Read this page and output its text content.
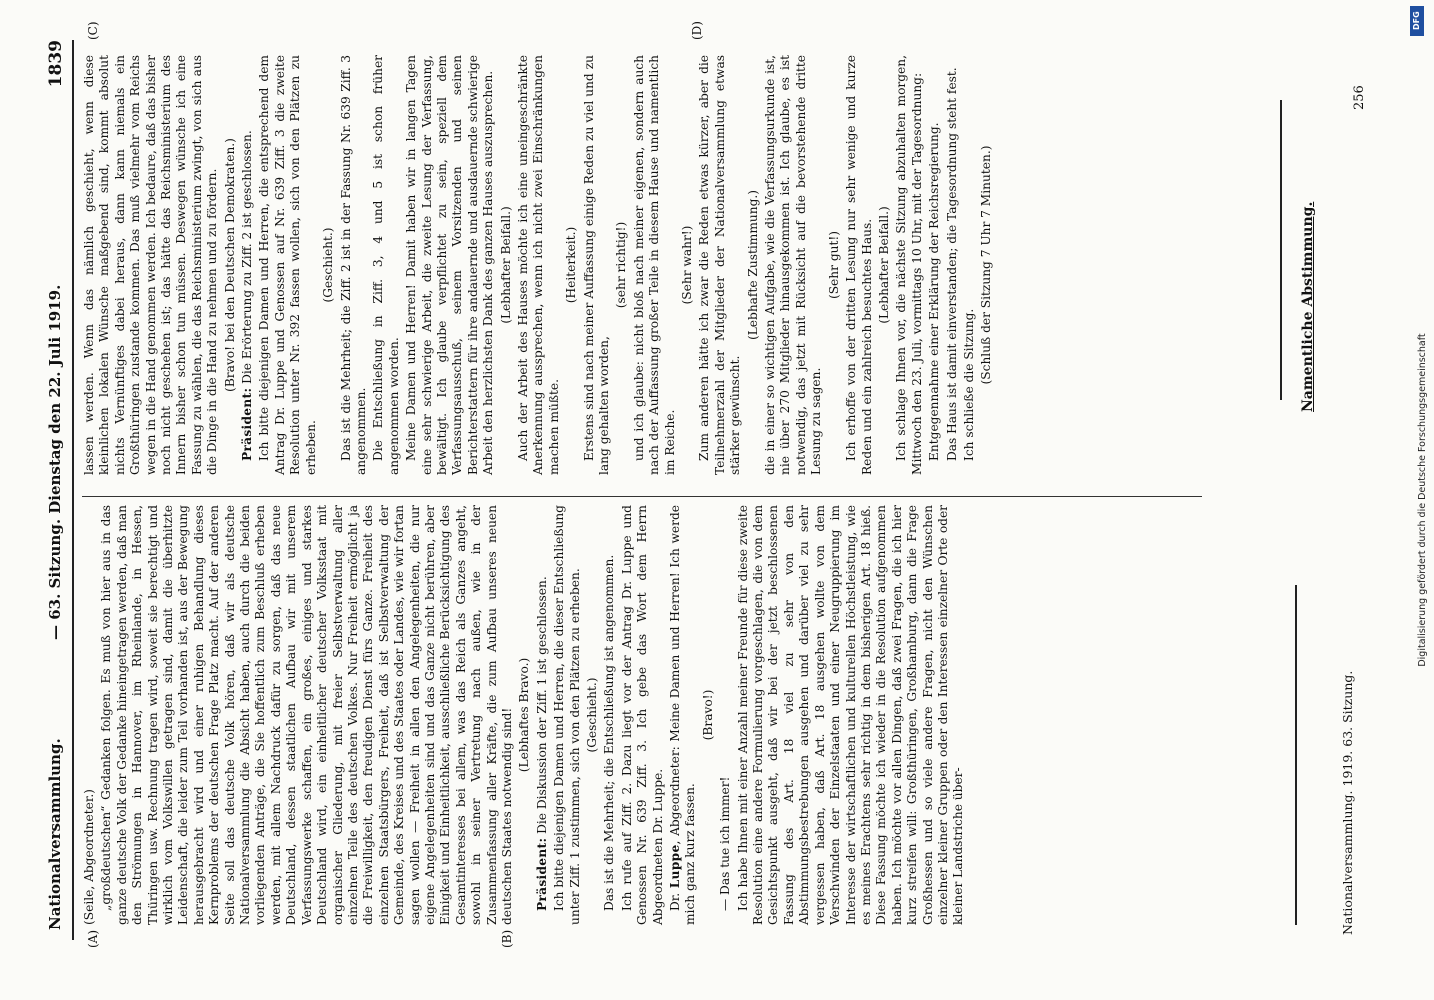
Nationalversammlung.
— 63. Sitzung. Dienstag den 22. Juli 1919.
1839
(A)	(B)
(C)	(D)

(Seile, Abgeordneter.) „großdeutschen“ Gedanken folgen. Es muß von hier aus in das ganze deutsche Volk der Gedanke hineingetragen werden, daß man den Strömungen in Hannover, im Rheinlande, in Hessen, Thüringen usw. Rechnung tragen wird, soweit sie berechtigt und wirklich vom Volkswillen getragen sind, damit die überhitzte Leidenschaft, die leider zum Teil vorhanden ist, aus der Bewegung herausgebracht wird und einer ruhigen Behandlung dieses Kernproblems der deutschen Frage Platz macht. Auf der anderen Seite soll das deutsche Volk hören, daß wir als deutsche Nationalversammlung die Absicht haben, auch durch die beiden vorliegenden Anträge, die Sie hoffentlich zum Beschluß erheben werden, mit allem Nachdruck dafür zu sorgen, daß das neue Deutschland, dessen staatlichen Aufbau wir mit unserem Verfassungswerke schaffen, ein großes, einiges und starkes Deutschland wird, ein einheitlicher deutscher Volksstaat mit organischer Gliederung, mit freier Selbstverwaltung aller einzelnen Teile des deutschen Volkes. Nur Freiheit ermöglicht ja die Freiwilligkeit, den freudigen Dienst fürs Ganze. Freiheit des einzelnen Staatsbürgers, Freiheit, daß ist Selbstverwaltung der Gemeinde, des Kreises und des Staates oder Landes, wie wir fortan sagen wollen — Freiheit in allen den Angelegenheiten, die nur eigene Angelegenheiten sind und das Ganze nicht berühren, aber Einigkeit und Einheitlichkeit, ausschließliche Berücksichtigung des Gesamtinteresses bei allem, was das Reich als Ganzes angeht, sowohl in seiner Vertretung nach außen, wie in der Zusammenfassung aller Kräfte, die zum Aufbau unseres neuen deutschen Staates notwendig sind! (Lebhaftes Bravo.)

Präsident: Die Diskussion der Ziff. 1 ist geschlossen. Ich bitte diejenigen Damen und Herren, die dieser Entschließung unter Ziff. 1 zustimmen, sich von den Plätzen zu erheben. (Geschieht.) Das ist die Mehrheit; die Entschließung ist angenommen. Ich rufe auf Ziff. 2. Dazu liegt vor der Antrag Dr. Luppe und Genossen Nr. 639 Ziff. 3. Ich gebe das Wort dem Herrn Abgeordneten Dr. Luppe. Dr. Luppe, Abgeordneter: Meine Damen und Herren! Ich werde mich ganz kurz fassen.

(Bravo!)

— Das tue ich immer! Ich habe Ihnen mit einer Anzahl meiner Freunde für diese zweite Resolution eine andere Formulierung vorgeschlagen, die von dem Gesichtspunkt ausgeht, daß wir bei der jetzt beschlossenen Fassung des Art. 18 viel zu sehr von den Abstimmungsbestrebungen ausgehen und darüber viel zu sehr vergessen haben, daß Art. 18 ausgehen wollte von dem Verschwinden der Einzelstaaten und einer Neugruppierung im Interesse der wirtschaftlichen und kulturellen Höchstleistung, wie es meines Erachtens sehr richtig in dem bisherigen Art. 18 hieß. Diese Fassung möchte ich wieder in die Resolution aufgenommen haben. Ich möchte vor allen Dingen, daß zwei Fragen, die ich hier kurz streifen will: Großthüringen, Großhamburg, dann die Frage Großhessen und so viele andere Fragen, nicht den Wünschen einzelner kleiner Gruppen oder den Interessen einzelner Orte oder kleiner Landstriche über-

lassen werden. Wenn das nämlich geschieht, wenn diese kleinlichen lokalen Wünsche maßgebend sind, kommt absolut nichts Vernünftiges dabei heraus, dann kann niemals ein Großthüringen zustande kommen. Das muß vielmehr vom Reichs wegen in die Hand genommen werden. Ich bedaure, daß das bisher noch nicht geschehen ist; das hätte das Reichsministerium des Innern bisher schon tun müssen. Deswegen wünsche ich eine Fassung zu wählen, die das Reichsministerium zwingt, von sich aus die Dinge in die Hand zu nehmen und zu fördern. (Bravo! bei den Deutschen Demokraten.)

Präsident: Die Erörterung zu Ziff. 2 ist geschlossen. Ich bitte diejenigen Damen und Herren, die entsprechend dem Antrag Dr. Luppe und Genossen auf Nr. 639 Ziff. 3 die zweite Resolution unter Nr. 392 fassen wollen, sich von den Plätzen zu erheben.

(Geschieht.) Das ist die Mehrheit; die Ziff. 2 ist in der Fassung Nr. 639 Ziff. 3 angenommen. Die Entschließung in Ziff. 3, 4 und 5 ist schon früher angenommen worden. Meine Damen und Herren! Damit haben wir in langen Tagen eine sehr schwierige Arbeit, die zweite Lesung der Verfassung, bewältigt. Ich glaube verpflichtet zu sein, speziell dem Verfassungsausschuß, seinem Vorsitzenden und seinen Berichterstattern für ihre andauernde und ausdauernde schwierige Arbeit den herzlichsten Dank des ganzen Hauses auszusprechen. (Lebhafter Beifall.) Auch der Arbeit des Hauses möchte ich eine uneingeschränkte Anerkennung aussprechen, wenn ich nicht zwei Einschränkungen machen müßte.

(Heiterkeit.) Erstens sind nach meiner Auffassung einige Reden zu viel und zu lang gehalten worden,

(sehr richtig!) und ich glaube: nicht bloß nach meiner eigenen, sondern auch nach der Auffassung großer Teile in diesem Hause und namentlich im Reiche.

(Sehr wahr!) Zum anderen hätte ich zwar die Reden etwas kürzer, aber die Teilnehmerzahl der Mitglieder der Nationalversammlung etwas stärker gewünscht.

(Lebhafte Zustimmung.) die in einer so wichtigen Aufgabe, wie die Verfassungsurkunde ist, nie über 270 Mitglieder hinausgekommen ist. Ich glaube, es ist notwendig, das jetzt mit Rücksicht auf die bevorstehende dritte Lesung zu sagen.

(Sehr gut!) Ich erhoffe von der dritten Lesung nur sehr wenige und kurze Reden und ein zahlreich besuchtes Haus. (Lebhafter Beifall.) Ich schlage Ihnen vor, die nächste Sitzung abzuhalten morgen, Mittwoch den 23. Juli, vormittags 10 Uhr, mit der Tagesordnung: Entgegennahme einer Erklärung der Reichsregierung. Das Haus ist damit einverstanden; die Tagesordnung steht fest. Ich schließe die Sitzung.

(Schluß der Sitzung 7 Uhr 7 Minuten.)

Nationalversammlung. 1919. 63. Sitzung.
Namentliche Abstimmung.
256
DFG
Digitalisierung gefördert durch die Deutsche Forschungsgemeinschaft
